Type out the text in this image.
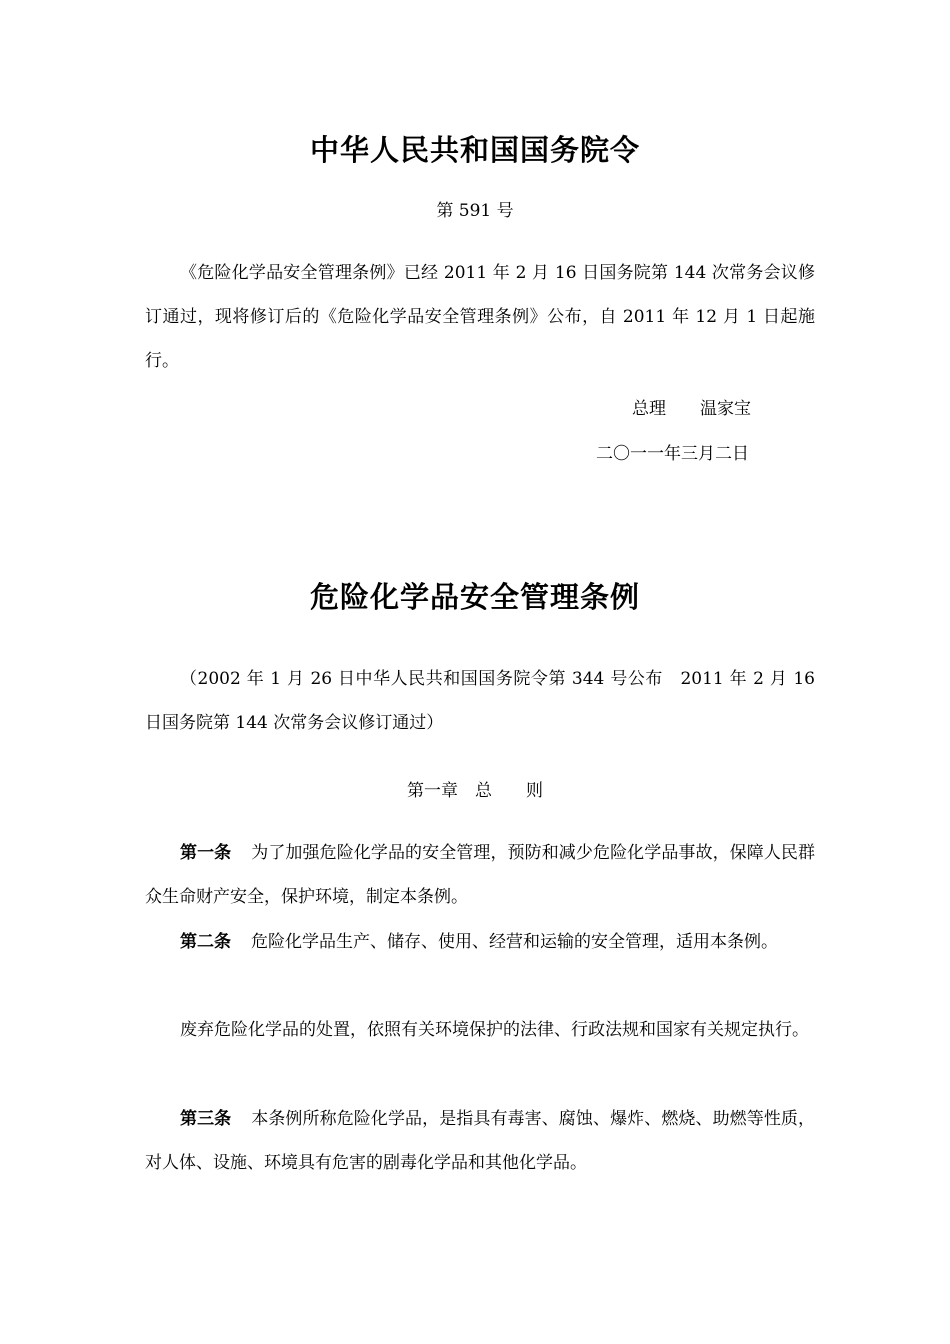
中华人民共和国国务院令
第 591 号
《危险化学品安全管理条例》已经 2011 年 2 月 16 日国务院第 144 次常务会议修订通过，现将修订后的《危险化学品安全管理条例》公布，自 2011 年 12 月 1 日起施行。
总理 温家宝
二〇一一年三月二日
危险化学品安全管理条例
（2002 年 1 月 26 日中华人民共和国国务院令第 344 号公布　2011 年 2 月 16 日国务院第 144 次常务会议修订通过）
第一章　总　　则
第一条 为了加强危险化学品的安全管理，预防和减少危险化学品事故，保障人民群众生命财产安全，保护环境，制定本条例。
第二条 危险化学品生产、储存、使用、经营和运输的安全管理，适用本条例。
废弃危险化学品的处置，依照有关环境保护的法律、行政法规和国家有关规定执行。
第三条 本条例所称危险化学品，是指具有毒害、腐蚀、爆炸、燃烧、助燃等性质，对人体、设施、环境具有危害的剧毒化学品和其他化学品。
